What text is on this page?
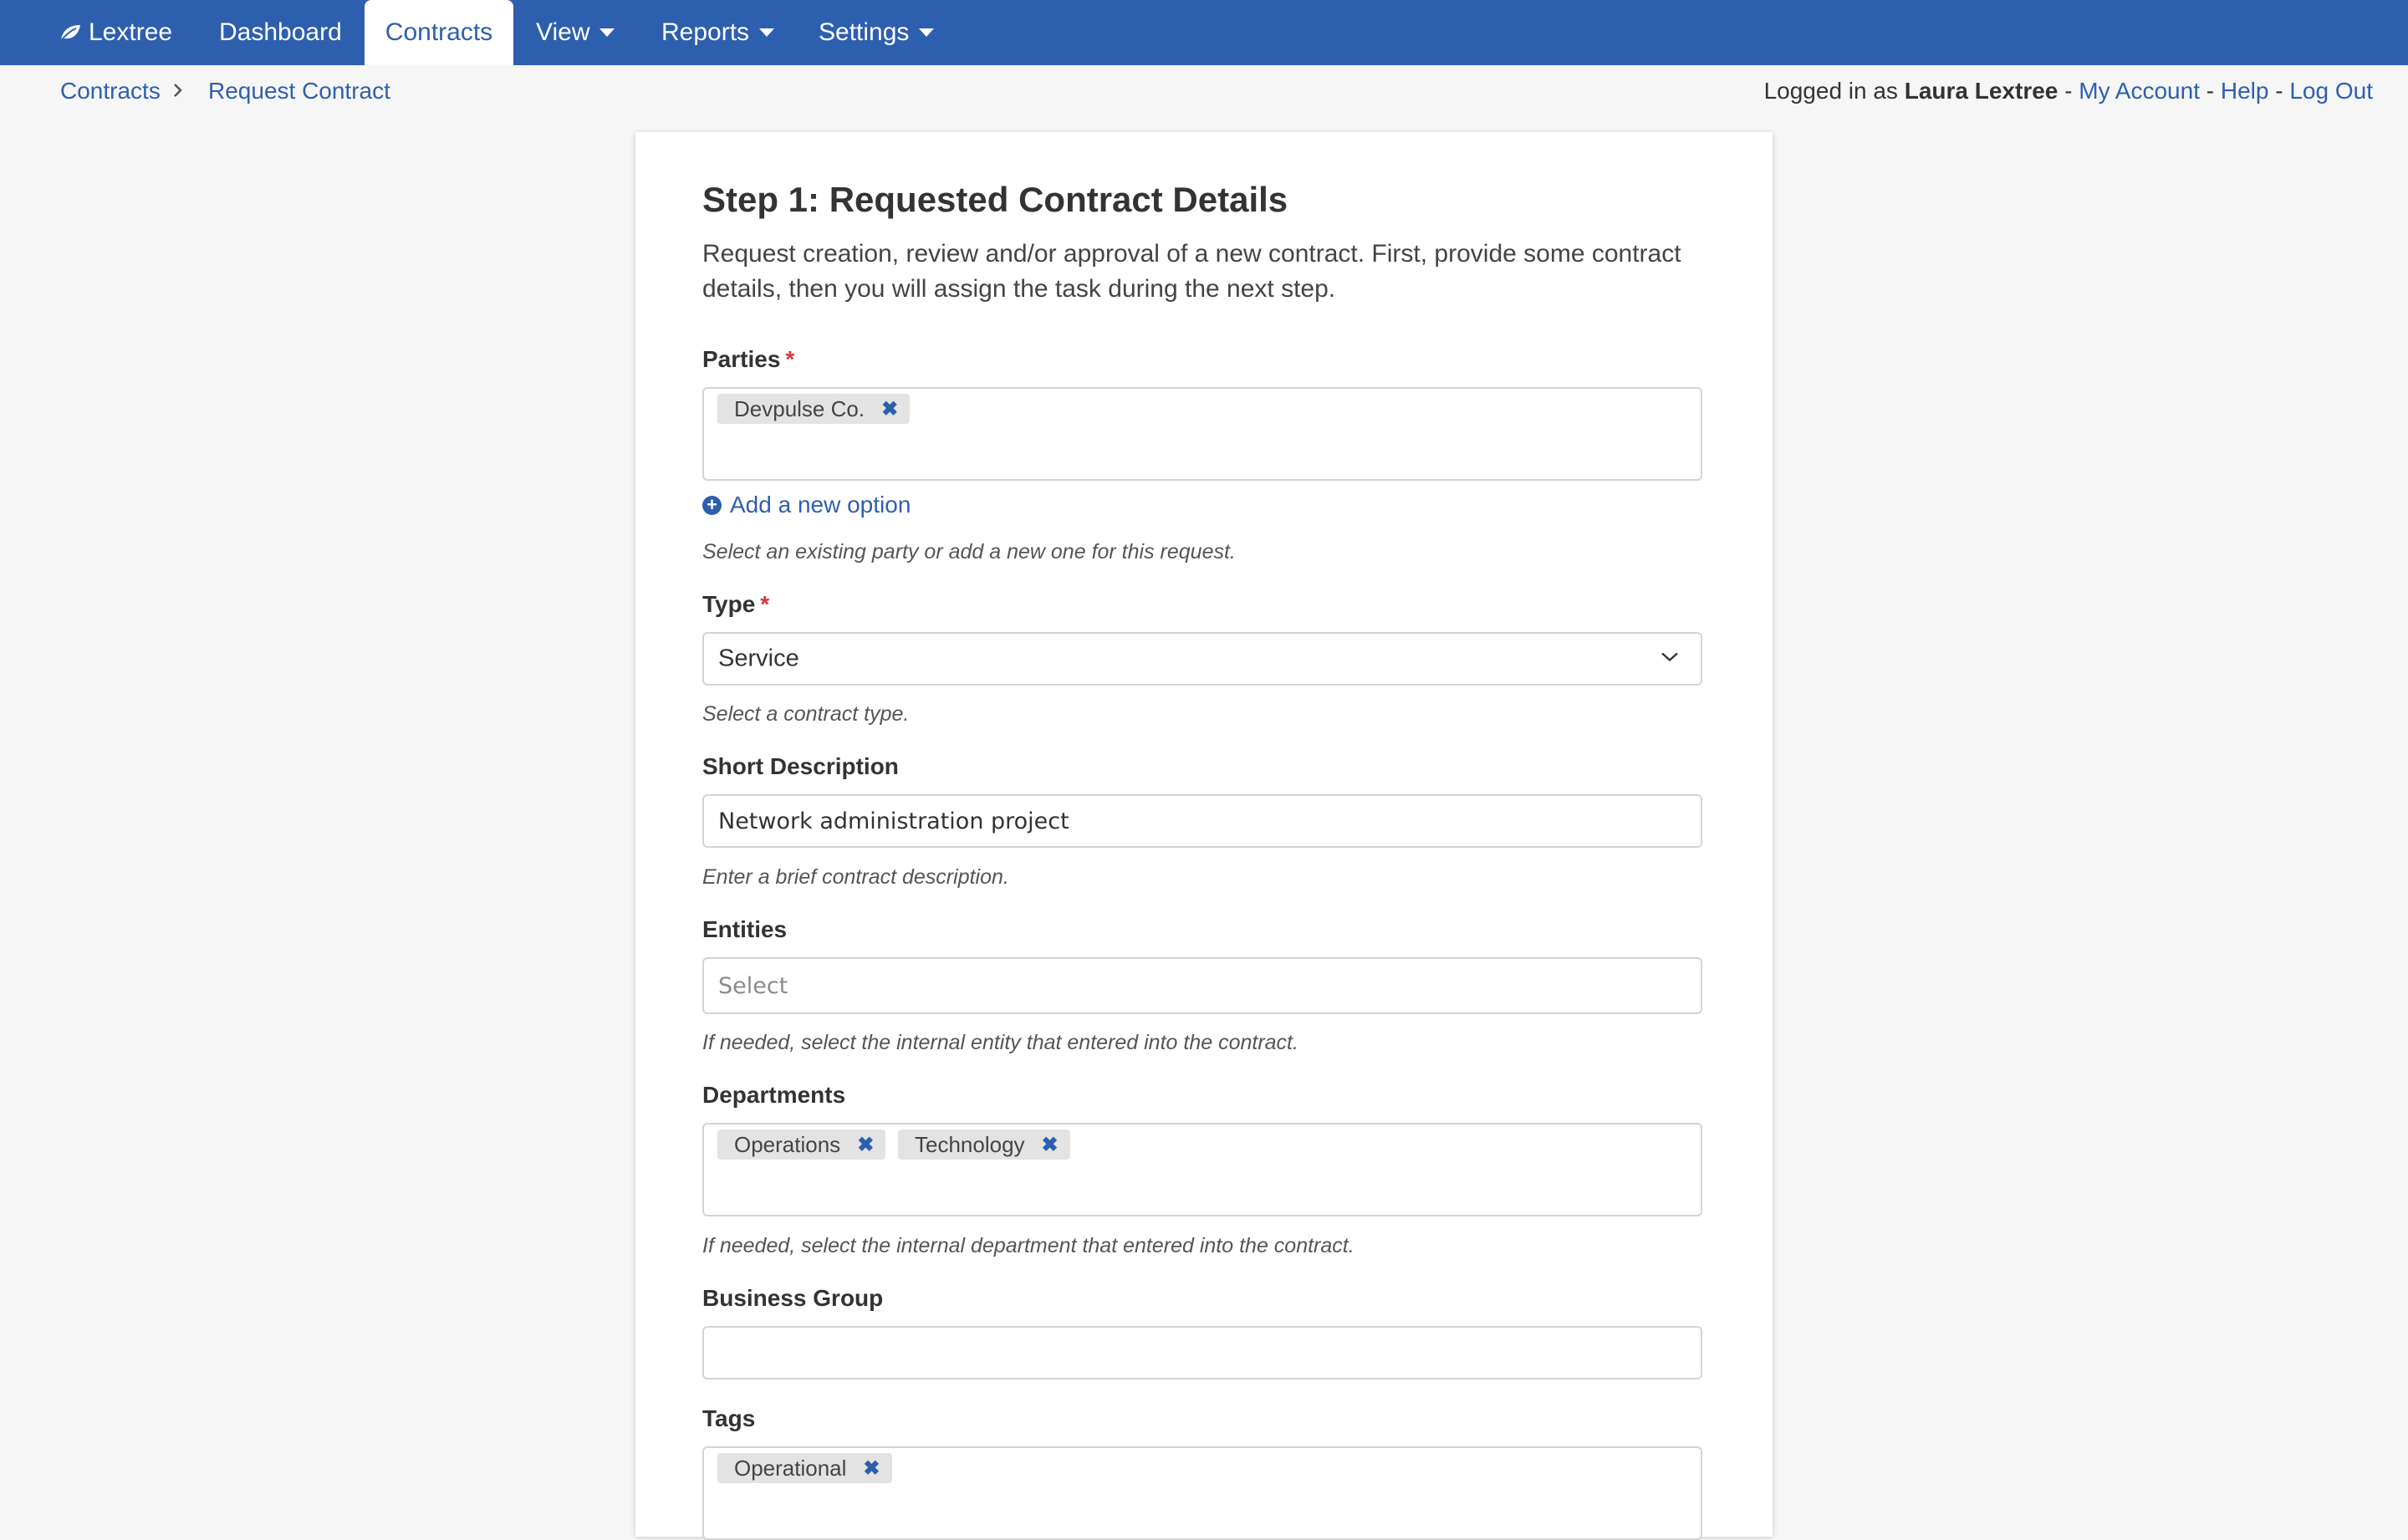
Lextree Dashboard Contracts View	Reports	Settings
Contracts Request Contract	Logged in as Laura Lextree - My Account - Help - Log Out
Step 1: Requested Contract Details
Request creation, review and/or approval of a new contract. First, provide some contract details, then you will assign the task during the next step.
Parties *
Devpulse Co. ✖
+ Add a new option
Select an existing party or add a new one for this request.
Type *
Service
Select a contract type.
Short Description
Network administration project
Enter a brief contract description.
Entities
Select
If needed, select the internal entity that entered into the contract.
Departments
Operations ✖ Technology ✖
If needed, select the internal department that entered into the contract.
Business Group
Tags
Operational ✖
